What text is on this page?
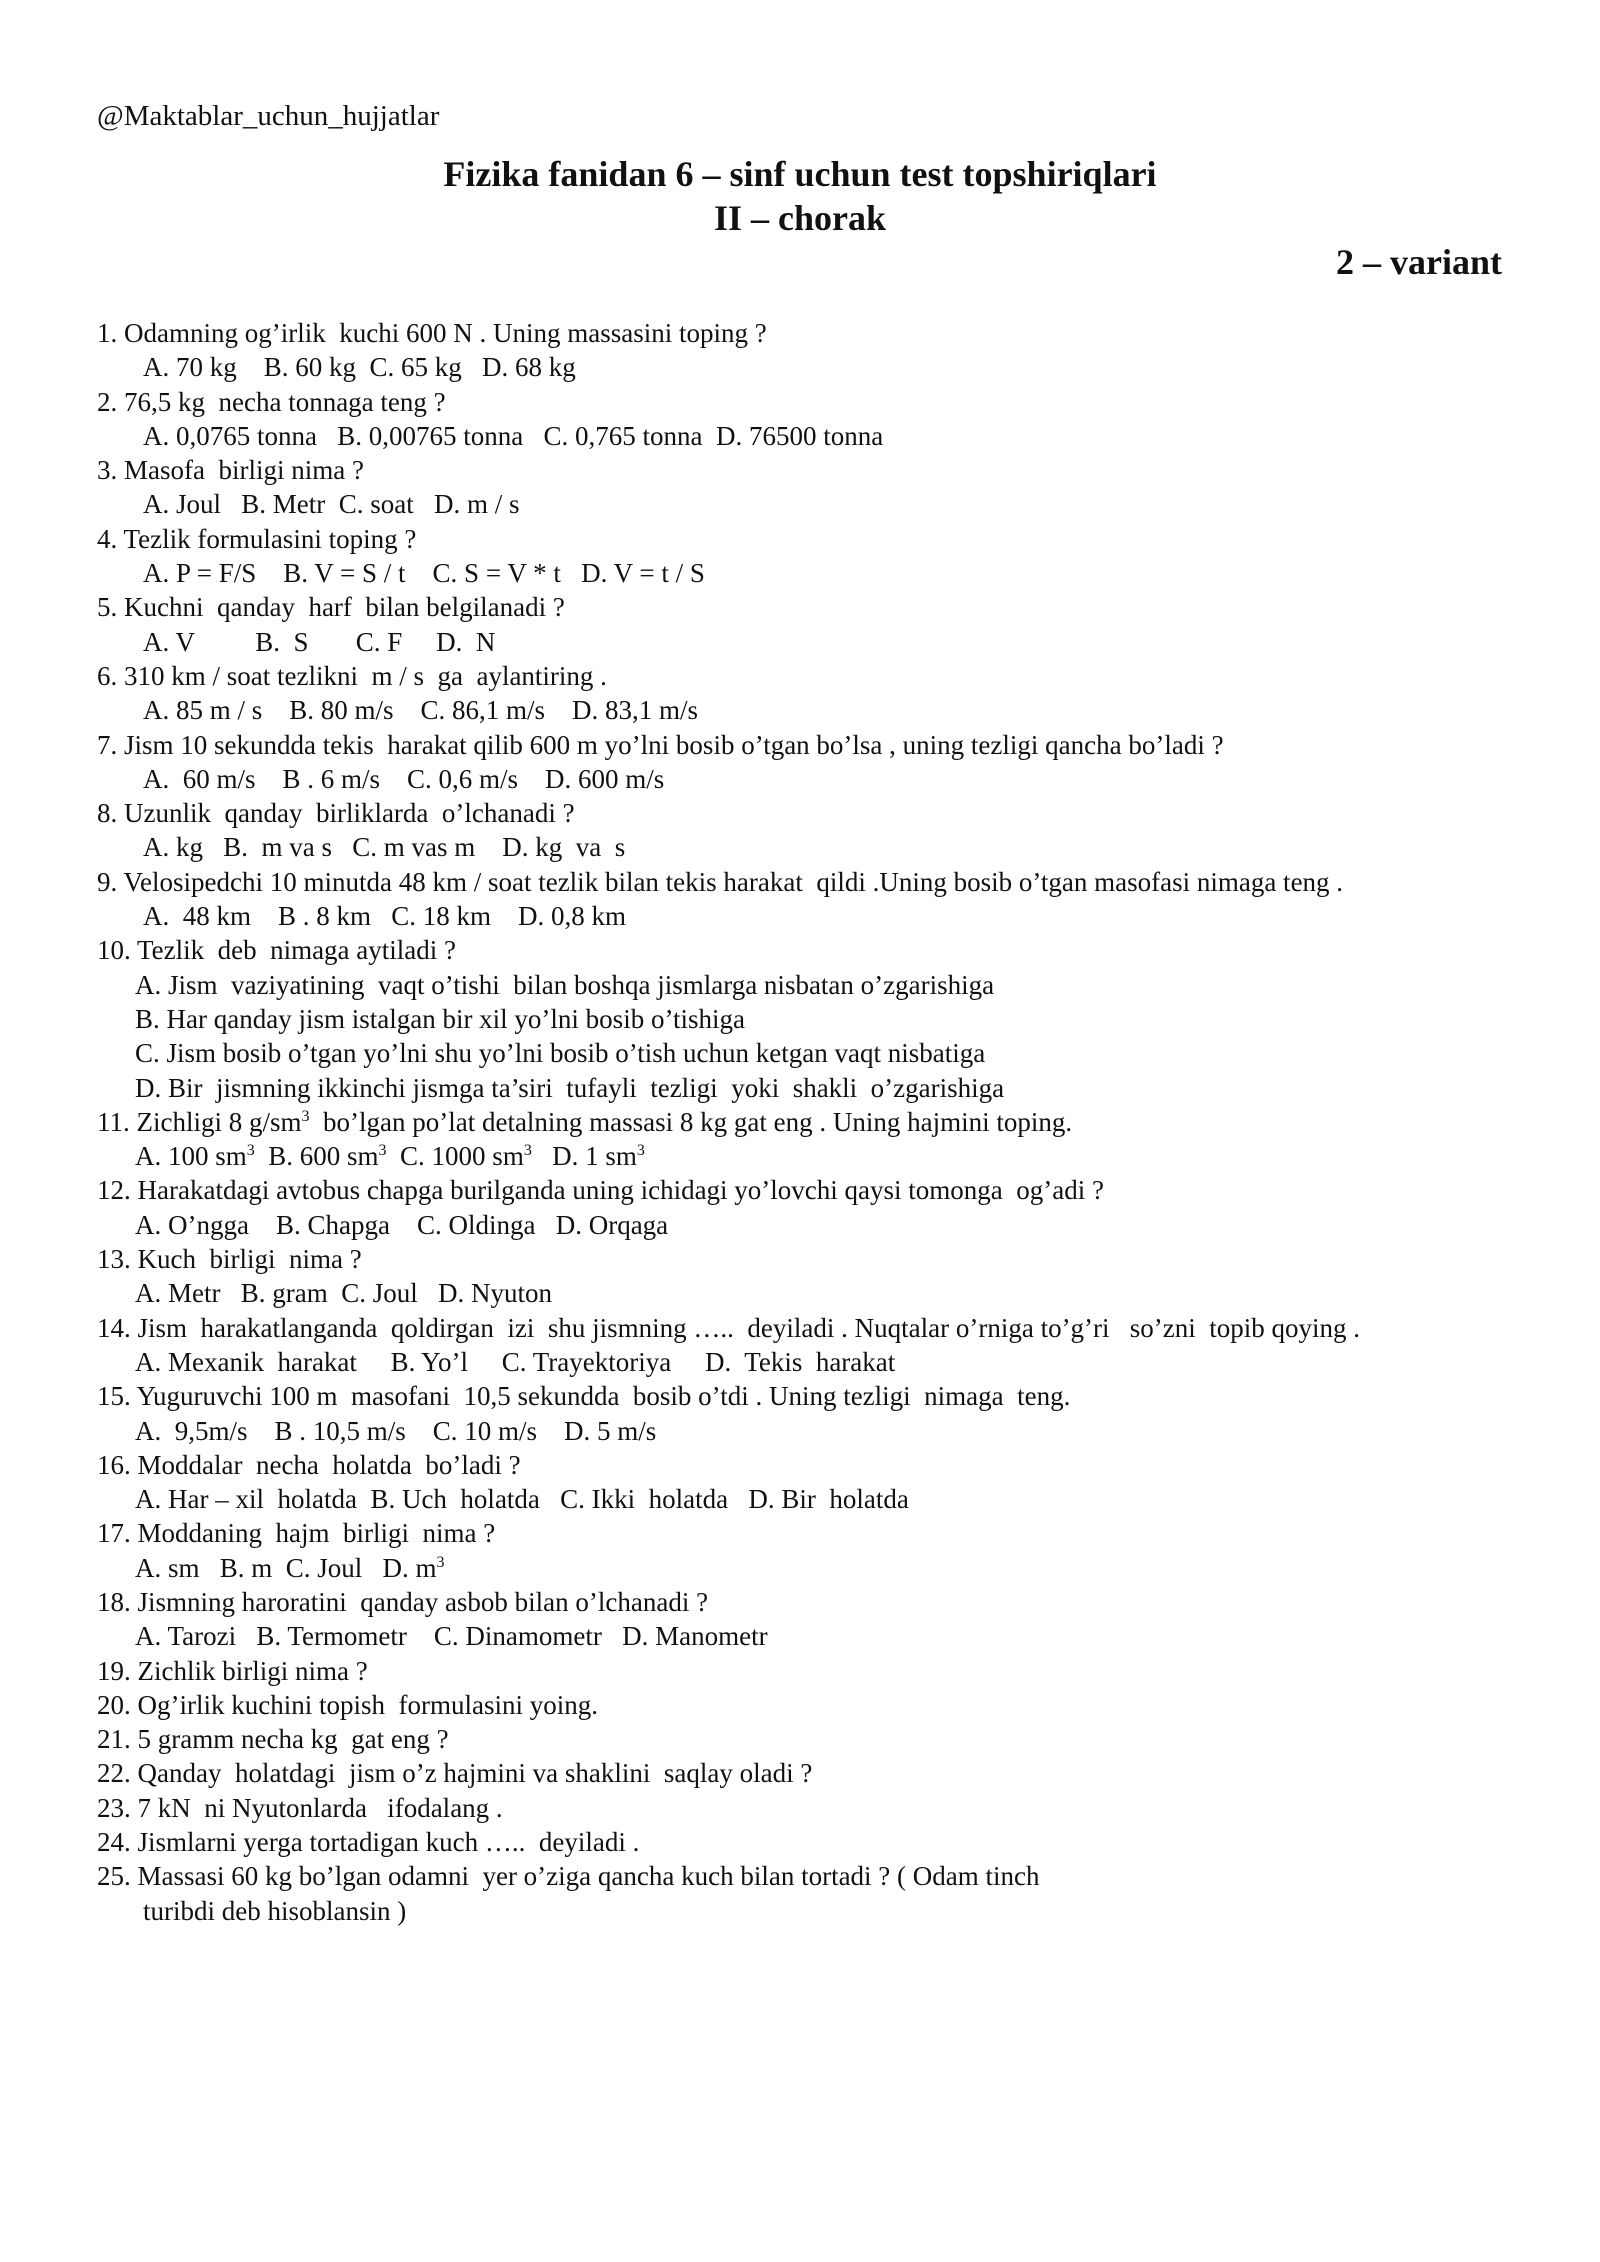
@Maktablar_uchun_hujjatlar
Fizika fanidan 6 – sinf uchun test topshiriqlari
II – chorak
2 – variant
1. Odamning og’irlik  kuchi 600 N . Uning massasini toping ?
A. 70 kg    B. 60 kg  C. 65 kg   D. 68 kg
2. 76,5 kg  necha tonnaga teng ?
A. 0,0765 tonna   B. 0,00765 tonna   C. 0,765 tonna  D. 76500 tonna
3. Masofa  birligi nima ?
A. Joul   B. Metr  C. soat   D. m / s
4. Tezlik formulasini toping ?
A. P = F/S    B. V = S / t    C. S = V * t   D. V = t / S
5. Kuchni  qanday  harf  bilan belgilanadi ?
A. V         B.  S       C. F     D.  N
6. 310 km / soat tezlikni  m / s  ga  aylantiring .
A. 85 m / s    B. 80 m/s    C. 86,1 m/s    D. 83,1 m/s
7. Jism 10 sekundda tekis  harakat qilib 600 m yo’lni bosib o’tgan bo’lsa , uning tezligi qancha bo’ladi ?
A.  60 m/s    B . 6 m/s    C. 0,6 m/s    D. 600 m/s
8. Uzunlik  qanday  birliklarda  o’lchanadi ?
A. kg   B.  m va s   C. m vas m    D. kg  va  s
9. Velosipedchi 10 minutda 48 km / soat tezlik bilan tekis harakat  qildi .Uning bosib o’tgan masofasi nimaga teng .
A.  48 km    B . 8 km   C. 18 km    D. 0,8 km
10. Tezlik  deb  nimaga aytiladi ?
A. Jism  vaziyatining  vaqt o’tishi  bilan boshqa jismlarga nisbatan o’zgarishiga
B. Har qanday jism istalgan bir xil yo’lni bosib o’tishiga
C. Jism bosib o’tgan yo’lni shu yo’lni bosib o’tish uchun ketgan vaqt nisbatiga
D. Bir  jismning ikkinchi jismga ta’siri  tufayli  tezligi  yoki  shakli  o’zgarishiga
11. Zichligi 8 $g/sm^3$  bo’lgan po’lat detalning massasi 8 kg gat eng . Uning hajmini toping.
A. 100 $sm^3$  B. 600 $sm^3$  C. 1000 $sm^3$   D. 1 $sm^3$
12. Harakatdagi avtobus chapga burilganda uning ichidagi yo’lovchi qaysi tomonga  og’adi ?
A. O’ngga    B. Chapga    C. Oldinga   D. Orqaga
13. Kuch  birligi  nima ?
A. Metr   B. gram  C. Joul   D. Nyuton
14. Jism  harakatlanganda  qoldirgan  izi  shu jismning …..  deyiladi . Nuqtalar o’rniga to’g’ri   so’zni  topib qoying .
A. Mexanik  harakat     B. Yo’l     C. Trayektoriya     D.  Tekis  harakat
15. Yuguruvchi 100 m  masofani  10,5 sekundda  bosib o’tdi . Uning tezligi  nimaga  teng.
A.  9,5m/s    B . 10,5 m/s    C. 10 m/s    D. 5 m/s
16. Moddalar  necha  holatda  bo’ladi ?
A. Har – xil  holatda  B. Uch  holatda   C. Ikki  holatda   D. Bir  holatda
17. Moddaning  hajm  birligi  nima ?
A. sm   B. m  C. Joul   D. $m^3$
18. Jismning haroratini  qanday asbob bilan o’lchanadi ?
A. Tarozi   B. Termometr    C. Dinamometr   D. Manometr
19. Zichlik birligi nima ?
20. Og’irlik kuchini topish  formulasini yoing.
21. 5 gramm necha kg  gat eng ?
22. Qanday  holatdagi  jism o’z hajmini va shaklini  saqlay oladi ?
23. 7 kN  ni Nyutonlarda   ifodalang .
24. Jismlarni yerga tortadigan kuch …..  deyiladi .
25. Massasi 60 kg bo’lgan odamni  yer o’ziga qancha kuch bilan tortadi ? ( Odam tinch
turibdi deb hisoblansin )
